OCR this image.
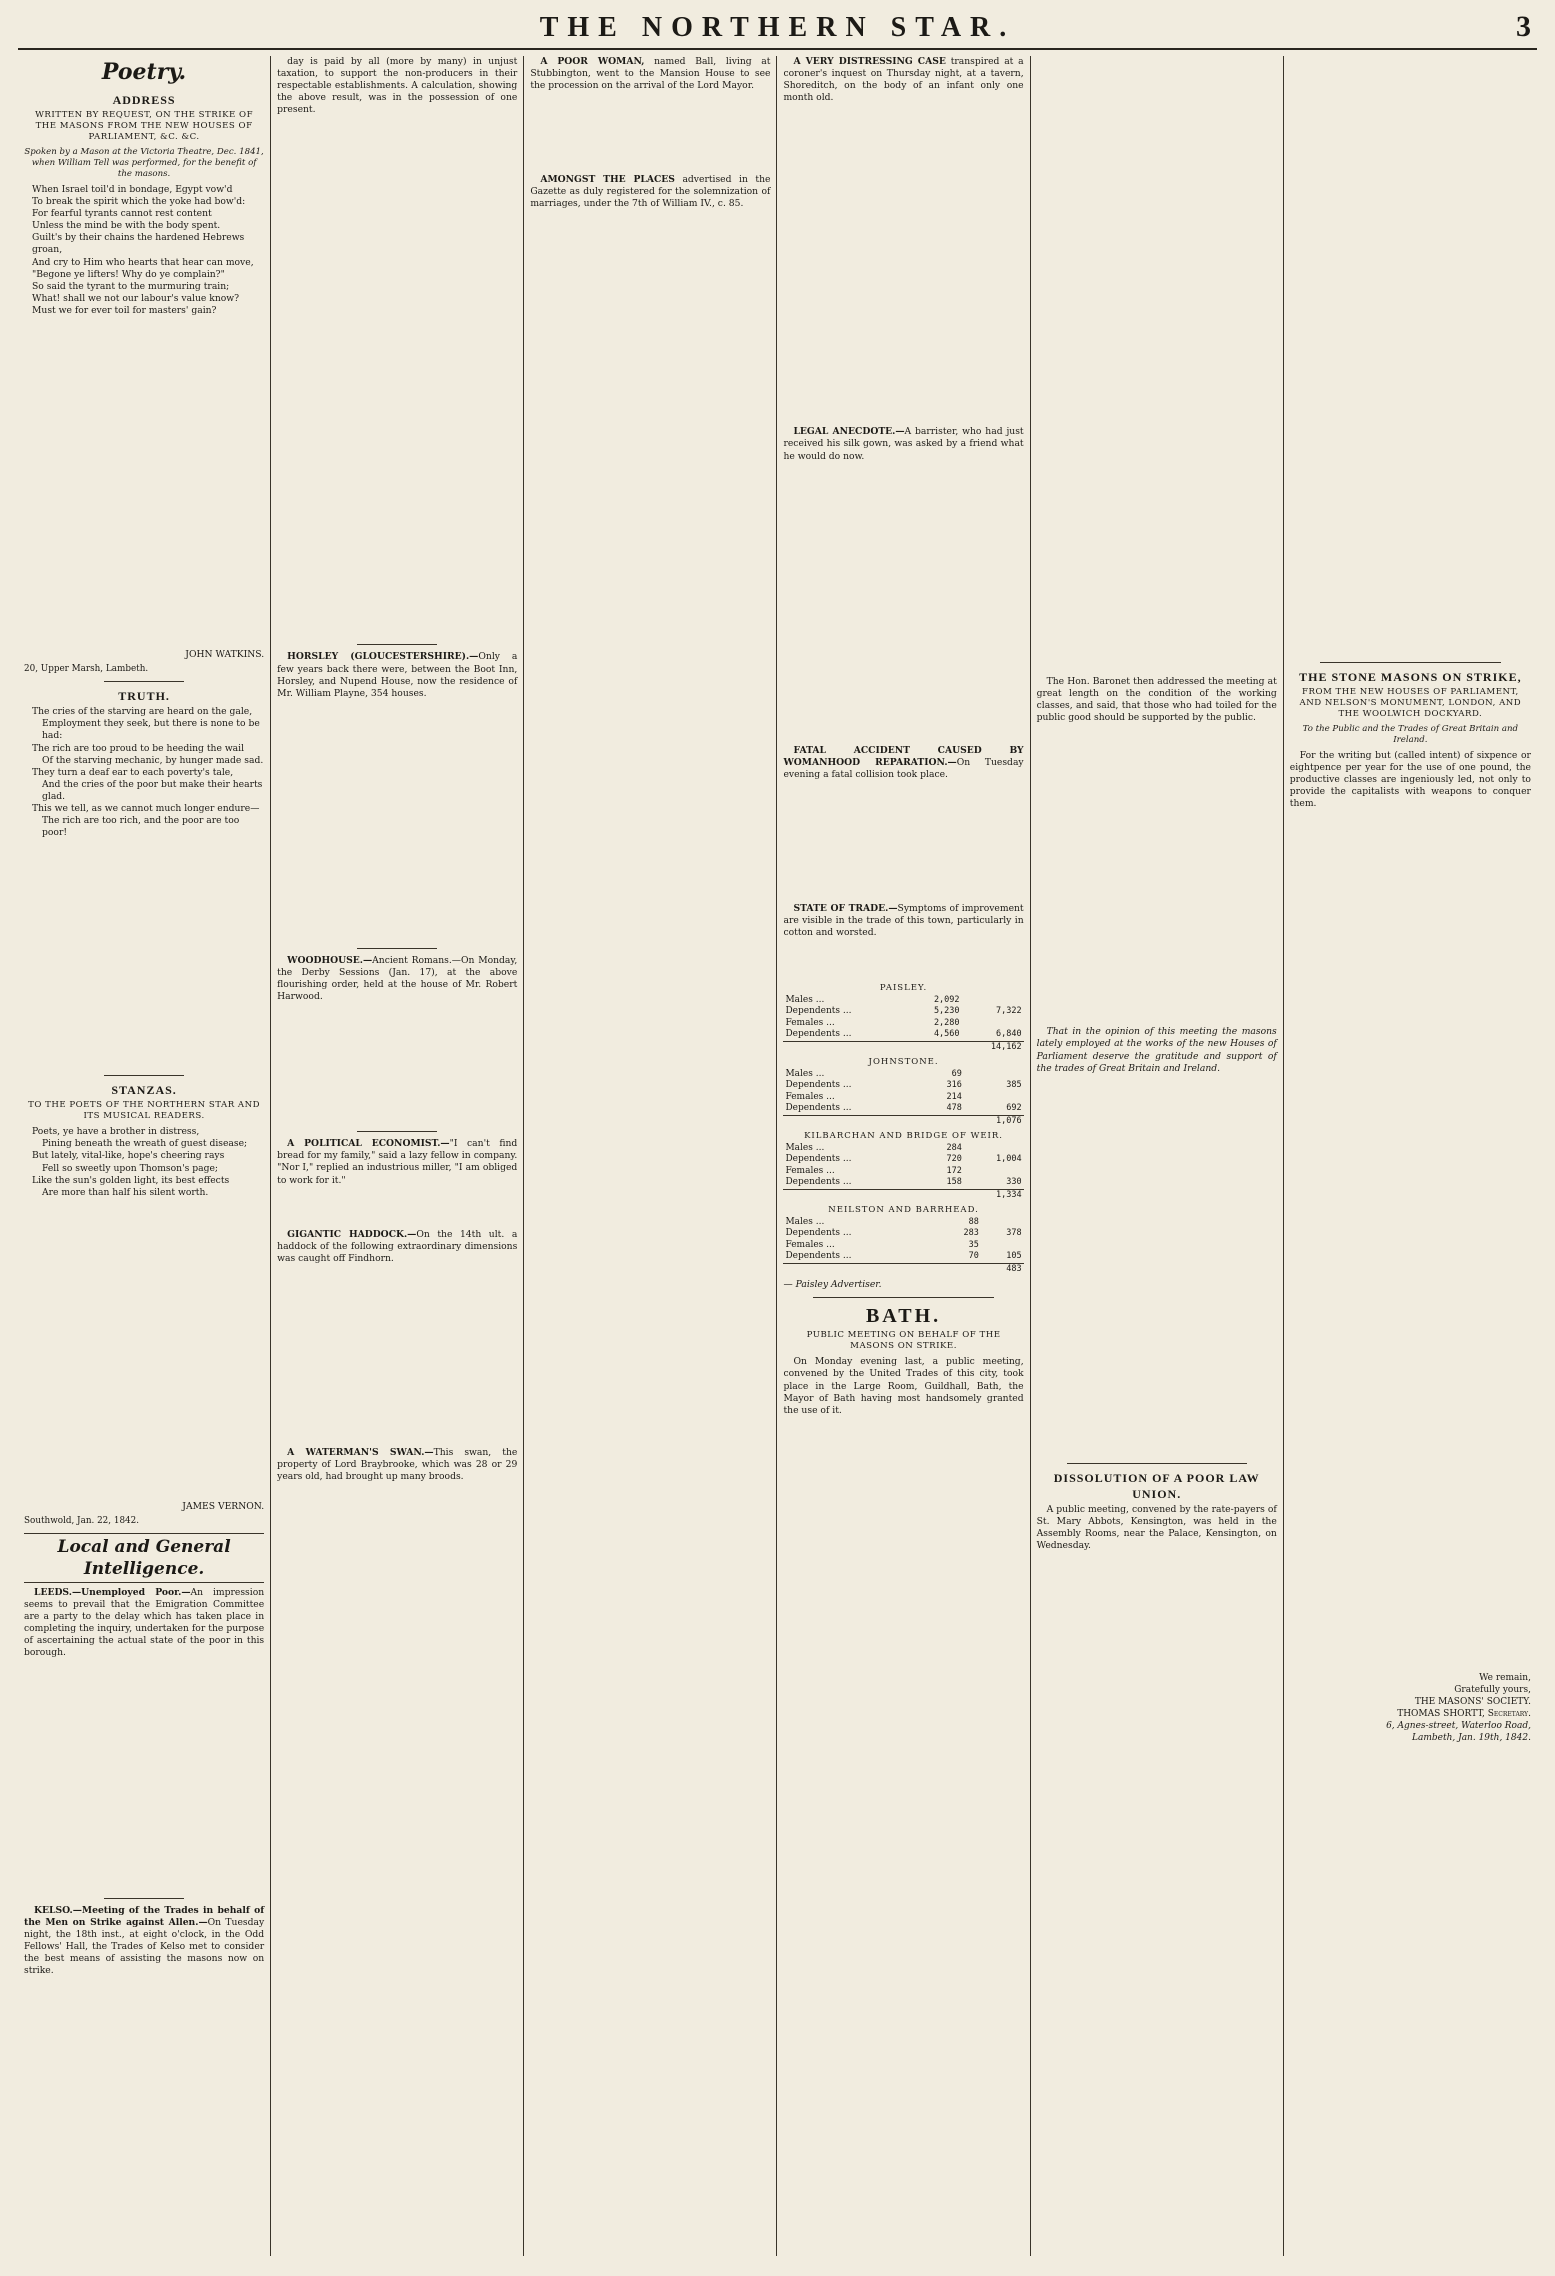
THE NORTHERN STAR.	3
Poetry.
ADDRESS
WRITTEN BY REQUEST, ON THE STRIKE OF THE MASONS FROM THE NEW HOUSES OF PARLIAMENT, &C. &C.
Spoken by a Mason at the Victoria Theatre, Dec. 1841, when William Tell was performed, for the benefit of the masons.
When Israel toil'd in bondage, Egypt vow'd
To break the spirit which the yoke had bow'd:
For fearful tyrants cannot rest content
Unless the mind be with the body spent.
Guilt's by their chains the hardened Hebrews groan,
And cry to Him who hearts that hear can move,
"Begone ye lifters! Why do ye complain?"
So said the tyrant to the murmuring train;
What! shall we not our labour's value know?
Must we for ever toil for masters' gain?
JOHN WATKINS.
20, Upper Marsh, Lambeth.
TRUTH.
The cries of the starving are heard on the gale,
Employment they seek, but there is none to be had:
The rich are too proud to be heeding the wail
Of the starving mechanic, by hunger made sad.
They turn a deaf ear to each poverty's tale,
And the cries of the poor but make their hearts glad.
This we tell, as we cannot much longer endure—
The rich are too rich, and the poor are too poor!
STANZAS.
TO THE POETS OF THE NORTHERN STAR AND ITS MUSICAL READERS.
Poets, ye have a brother in distress,
Pining beneath the wreath of guest disease;
But lately, vital-like, hope's cheering rays
Fell so sweetly upon Thomson's page;
Like the sun's golden light, its best effects
Are more than half his silent worth.
JAMES VERNON.
Southwold, Jan. 22, 1842.
Local and General Intelligence.

LEEDS.—Unemployed Poor.—An impression seems to prevail that the Emigration Committee are a party to the delay which has taken place in completing the inquiry, undertaken for the purpose of ascertaining the actual state of the poor in this borough.

KELSO.—Meeting of the Trades in behalf of the Men on Strike against Allen.—On Tuesday night, the 18th inst., at eight o'clock, in the Odd Fellows' Hall, the Trades of Kelso met to consider the best means of assisting the masons now on strike.

day is paid by all (more by many) in unjust taxation, to support the non-producers in their respectable establishments. A calculation, showing the above result, was in the possession of one present.

HORSLEY (GLOUCESTERSHIRE).—Only a few years back there were, between the Boot Inn, Horsley, and Nupend House, now the residence of Mr. William Playne, 354 houses.

WOODHOUSE.—Ancient Romans.—On Monday, the Derby Sessions (Jan. 17), at the above flourishing order, held at the house of Mr. Robert Harwood.

A POLITICAL ECONOMIST.—"I can't find bread for my family," said a lazy fellow in company. "Nor I," replied an industrious miller, "I am obliged to work for it."

GIGANTIC HADDOCK.—On the 14th ult. a haddock of the following extraordinary dimensions was caught off Findhorn.

A WATERMAN'S SWAN.—This swan, the property of Lord Braybrooke, which was 28 or 29 years old, had brought up many broods.

A POOR WOMAN, named Ball, living at Stubbington, went to the Mansion House to see the procession on the arrival of the Lord Mayor.

AMONGST THE PLACES advertised in the Gazette as duly registered for the solemnization of marriages, under the 7th of William IV., c. 85.

A VERY DISTRESSING CASE transpired at a coroner's inquest on Thursday night, at a tavern, Shoreditch, on the body of an infant only one month old.

LEGAL ANECDOTE.—A barrister, who had just received his silk gown, was asked by a friend what he would do now.

FATAL ACCIDENT CAUSED BY WOMANHOOD REPARATION.—On Tuesday evening a fatal collision took place.

STATE OF TRADE.—Symptoms of improvement are visible in the trade of this town, particularly in cotton and worsted.

PAISLEY.
Males ...	2,092	
Dependents ...	5,230	7,322
Females ...	2,280	
Dependents ...	4,560	6,840
		14,162
JOHNSTONE.
Males ...	69	
Dependents ...	316	385
Females ...	214	
Dependents ...	478	692
		1,076
KILBARCHAN AND BRIDGE OF WEIR.
Males ...	284	
Dependents ...	720	1,004
Females ...	172	
Dependents ...	158	330
		1,334
NEILSTON AND BARRHEAD.
Males ...	88	
Dependents ...	283	378
Females ...	35	
Dependents ...	70	105
		483
— Paisley Advertiser.
BATH.
PUBLIC MEETING ON BEHALF OF THE MASONS ON STRIKE.

On Monday evening last, a public meeting, convened by the United Trades of this city, took place in the Large Room, Guildhall, Bath, the Mayor of Bath having most handsomely granted the use of it.

The Hon. Baronet then addressed the meeting at great length on the condition of the working classes, and said, that those who had toiled for the public good should be supported by the public.

That in the opinion of this meeting the masons lately employed at the works of the new Houses of Parliament deserve the gratitude and support of the trades of Great Britain and Ireland.

DISSOLUTION OF A POOR LAW UNION.

A public meeting, convened by the rate-payers of St. Mary Abbots, Kensington, was held in the Assembly Rooms, near the Palace, Kensington, on Wednesday.

THE STONE MASONS ON STRIKE,
FROM THE NEW HOUSES OF PARLIAMENT, AND NELSON'S MONUMENT, LONDON, AND THE WOOLWICH DOCKYARD.
To the Public and the Trades of Great Britain and Ireland.

For the writing but (called intent) of sixpence or eightpence per year for the use of one pound, the productive classes are ingeniously led, not only to provide the capitalists with weapons to conquer them.

We remain,
Gratefully yours,
THE MASONS' SOCIETY.
THOMAS SHORTT, Secretary.
6, Agnes-street, Waterloo Road,
Lambeth, Jan. 19th, 1842.
